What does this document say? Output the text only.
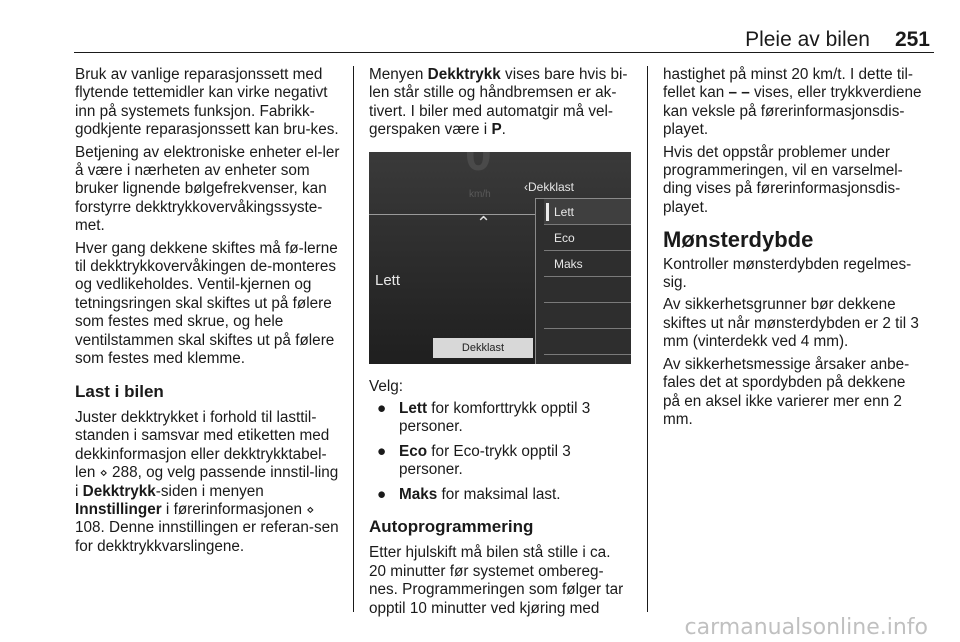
Pleie av bilen 251

Bruk av vanlige reparasjonssett med flytende tettemidler kan virke negativt inn på systemets funksjon. Fabrikk-godkjente reparasjonssett kan bru-kes.

Betjening av elektroniske enheter el-ler å være i nærheten av enheter som bruker lignende bølgefrekvenser, kan forstyrre dekktrykkovervåkingssyste-met.

Hver gang dekkene skiftes må fø-lerne til dekktrykkovervåkingen de-monteres og vedlikeholdes. Ventil-kjernen og tetningsringen skal skiftes ut på følere som festes med skrue, og hele ventilstammen skal skiftes ut på følere som festes med klemme.

Last i bilen

Juster dekktrykket i forhold til lasttil-standen i samsvar med etiketten med dekkinformasjon eller dekktrykktabel-len ⋄ 288, og velg passende innstil-ling i Dekktrykk-siden i menyen Innstillinger i førerinformasjonen ⋄ 108. Denne innstillingen er referan-sen for dekktrykkvarslingene.

Menyen Dekktrykk vises bare hvis bi-len står stille og håndbremsen er ak-tivert. I biler med automatgir må vel-gerspaken være i P.

km/h
‹Dekklast
⌃
Lett
Lett
Eco
Maks
Dekklast

Velg:

● Lett for komforttrykk opptil 3 personer.
● Eco for Eco-trykk opptil 3 personer.
● Maks for maksimal last.
Autoprogrammering

Etter hjulskift må bilen stå stille i ca. 20 minutter før systemet ombereg-nes. Programmeringen som følger tar opptil 10 minutter ved kjøring med

hastighet på minst 20 km/t. I dette til-fellet kan – – vises, eller trykkverdiene kan veksle på førerinformasjonsdis-playet.

Hvis det oppstår problemer under programmeringen, vil en varselmel-ding vises på førerinformasjonsdis-playet.

Mønsterdybde

Kontroller mønsterdybden regelmes-sig.

Av sikkerhetsgrunner bør dekkene skiftes ut når mønsterdybden er 2 til 3 mm (vinterdekk ved 4 mm).

Av sikkerhetsmessige årsaker anbe-fales det at spordybden på dekkene på en aksel ikke varierer mer enn 2 mm.

carmanualsonline.info
